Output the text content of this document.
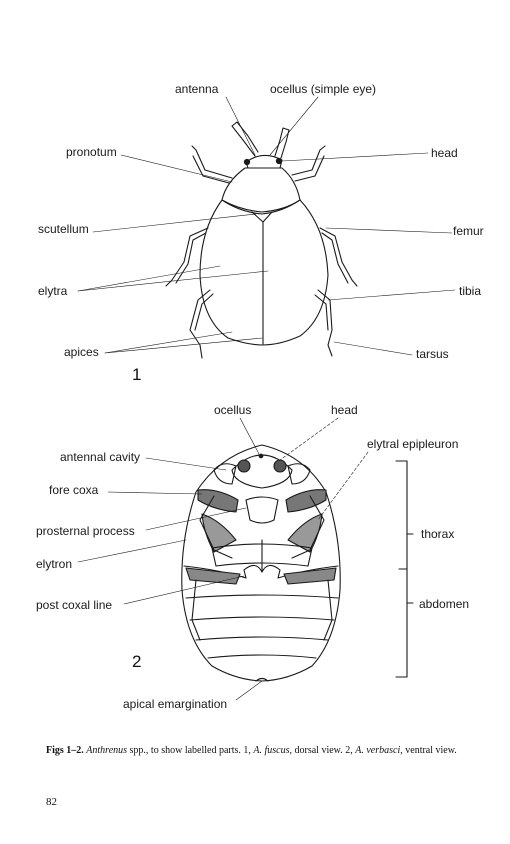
antenna	ocellus (simple eye)
pronotum	head
scutellum	femur
elytra	tibia
apices	tarsus
1
ocellus	head
elytral epipleuron
antennal cavity
fore coxa
prosternal process	thorax
elytron
post coxal line	abdomen
2
apical emargination
Figs 1–2. Anthrenus spp., to show labelled parts. 1, A. fuscus, dorsal view. 2, A. verbasci, ventral view.
82
